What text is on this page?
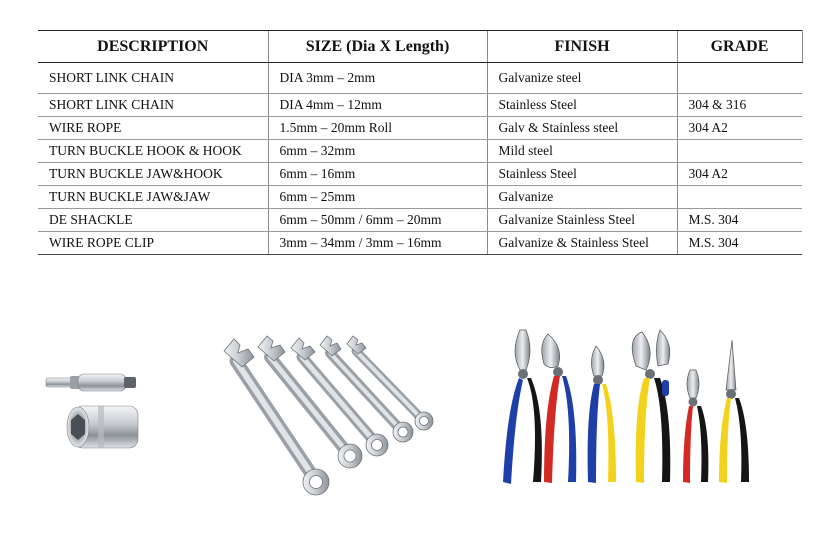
DESCRIPTION	SIZE (Dia X Length)	FINISH	GRADE
SHORT LINK CHAIN	DIA 3mm – 2mm	Galvanize steel	
SHORT LINK CHAIN	DIA 4mm – 12mm	Stainless Steel	304 & 316
WIRE ROPE	1.5mm – 20mm Roll	Galv & Stainless steel	304 A2
TURN BUCKLE HOOK & HOOK	6mm – 32mm	Mild steel	
TURN BUCKLE JAW&HOOK	6mm – 16mm	Stainless Steel	304 A2
TURN BUCKLE JAW&JAW	6mm – 25mm	Galvanize	
DE SHACKLE	6mm – 50mm / 6mm – 20mm	Galvanize Stainless Steel	M.S. 304
WIRE ROPE CLIP	3mm – 34mm / 3mm – 16mm	Galvanize & Stainless Steel	M.S. 304
